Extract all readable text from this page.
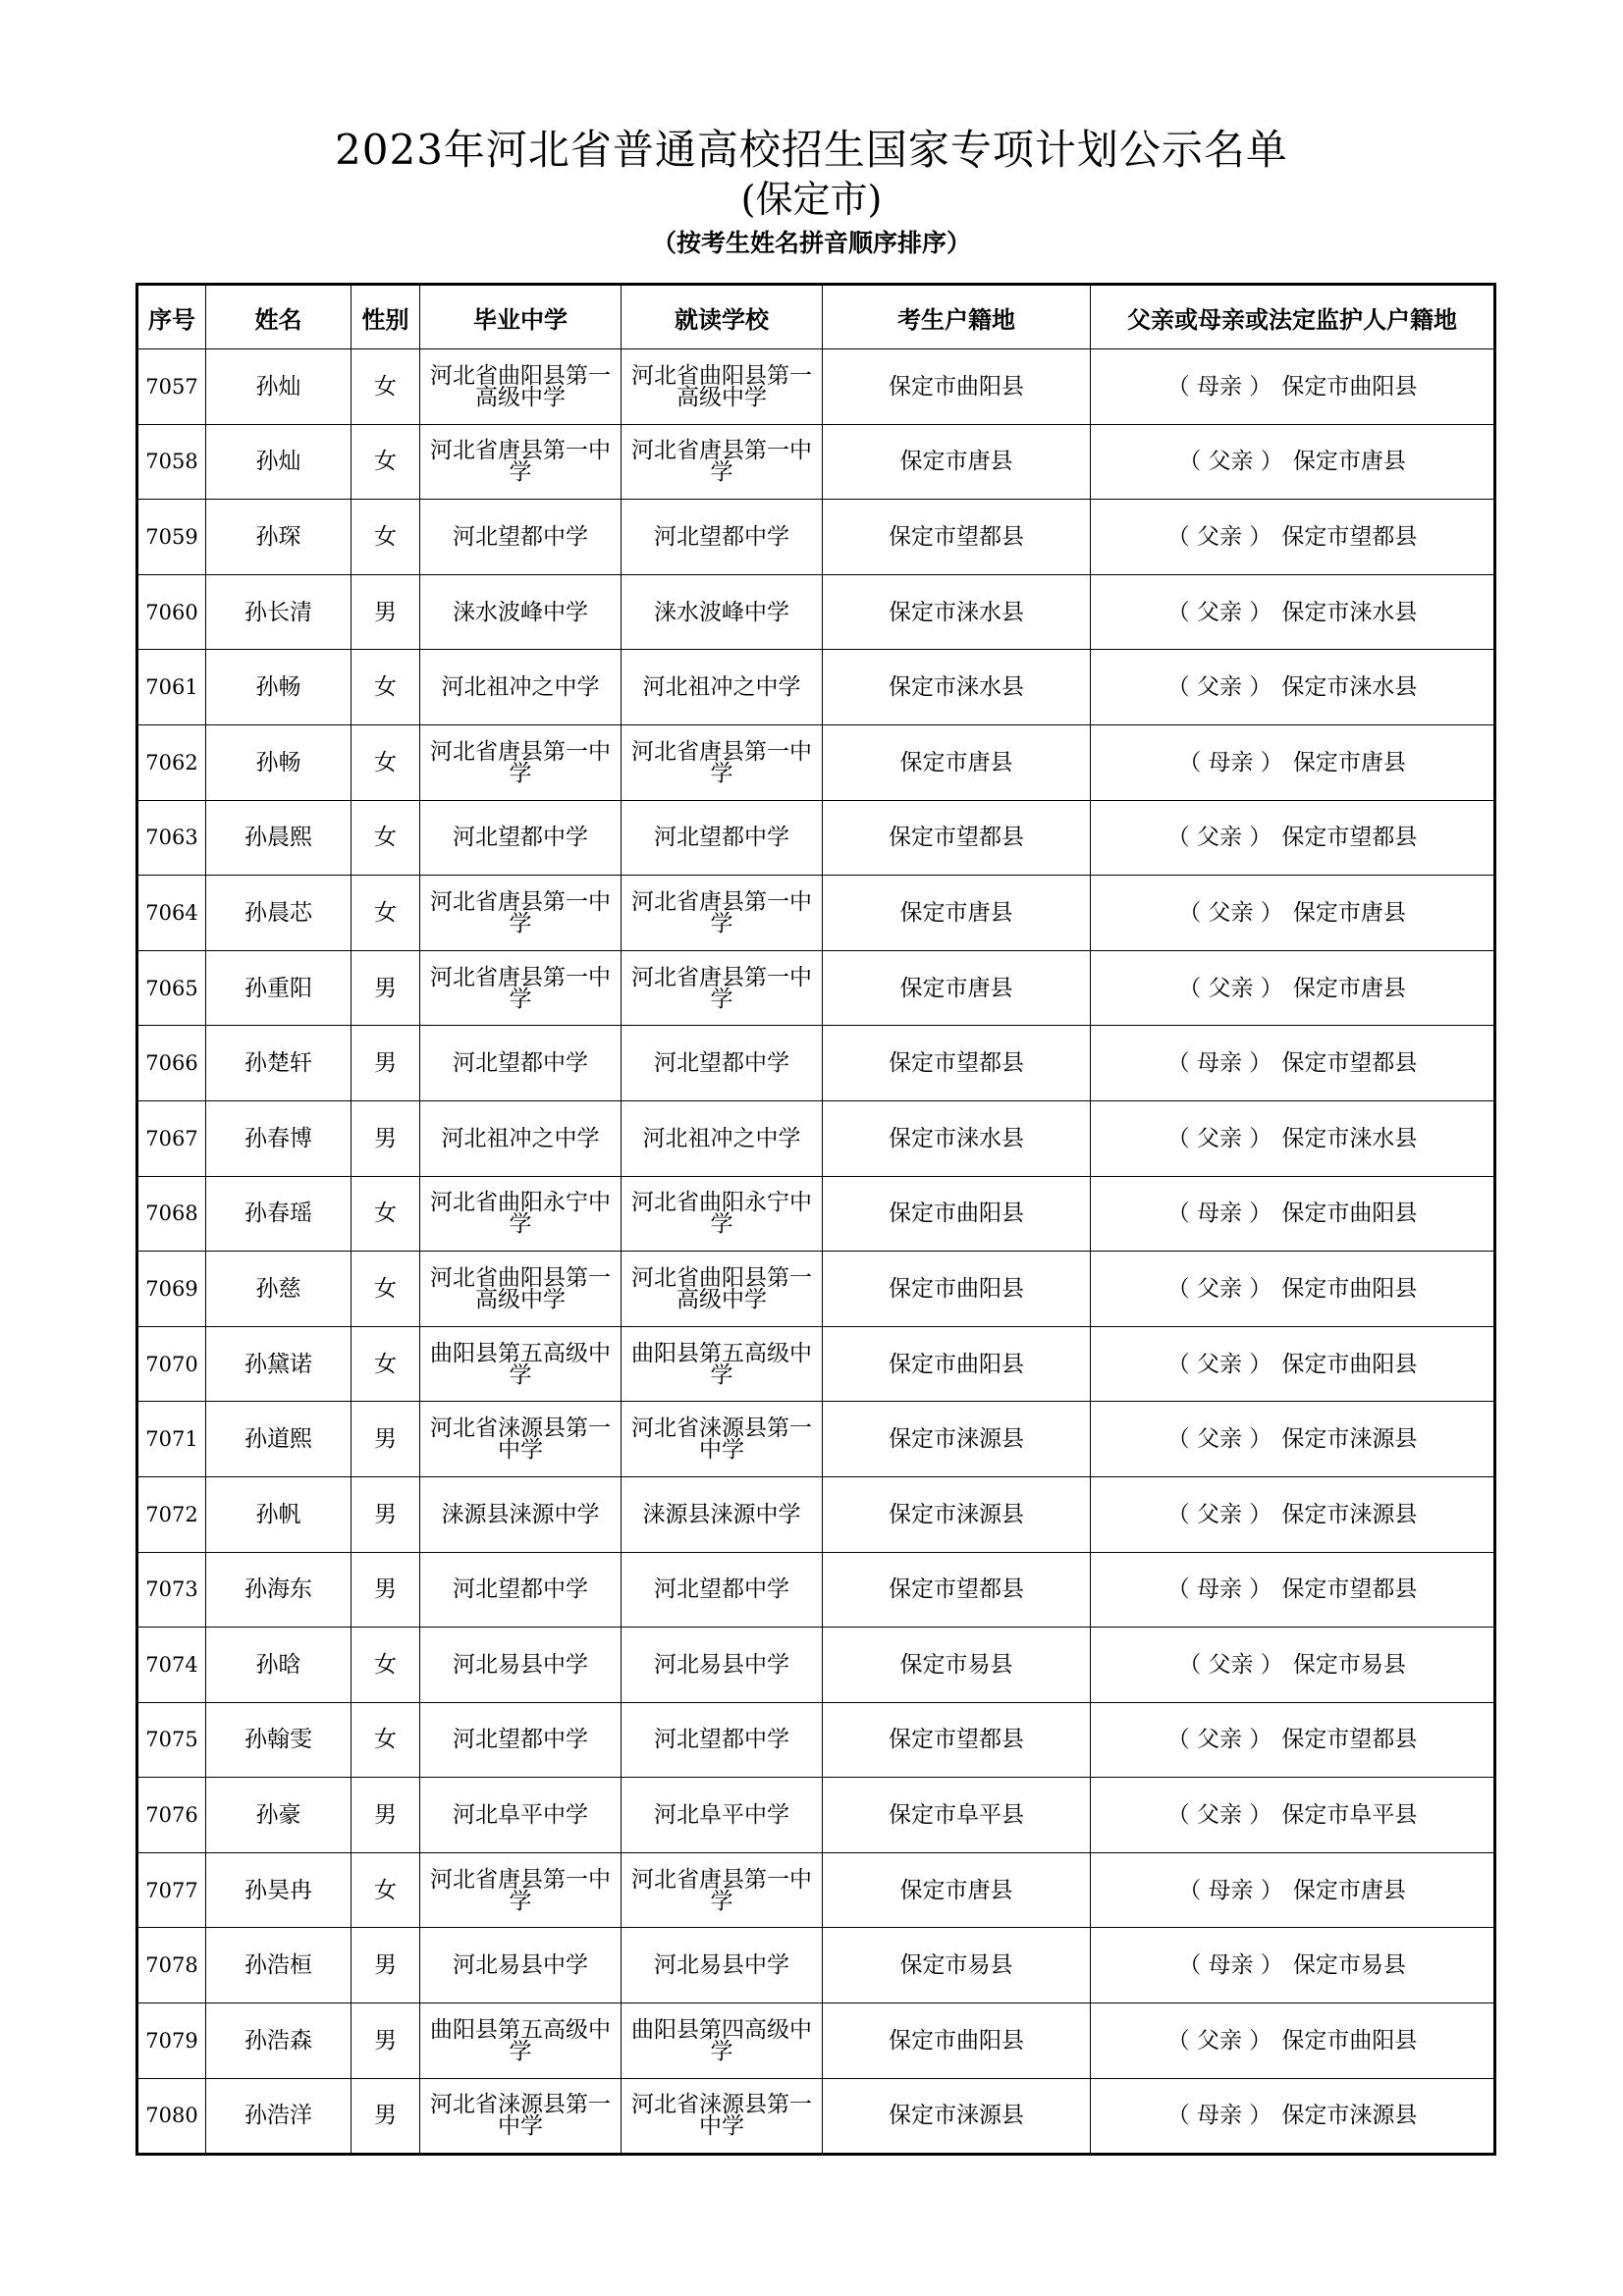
2023年河北省普通高校招生国家专项计划公示名单
(保定市)
（按考生姓名拼音顺序排序）
序号	姓名	性别	毕业中学	就读学校	考生户籍地	父亲或母亲或法定监护人户籍地
7057	孙灿	女	河北省曲阳县第一高级中学	河北省曲阳县第一高级中学	保定市曲阳县	（ 母亲 ） 保定市曲阳县
7058	孙灿	女	河北省唐县第一中学	河北省唐县第一中学	保定市唐县	（ 父亲 ） 保定市唐县
7059	孙琛	女	河北望都中学	河北望都中学	保定市望都县	（ 父亲 ） 保定市望都县
7060	孙长清	男	涞水波峰中学	涞水波峰中学	保定市涞水县	（ 父亲 ） 保定市涞水县
7061	孙畅	女	河北祖冲之中学	河北祖冲之中学	保定市涞水县	（ 父亲 ） 保定市涞水县
7062	孙畅	女	河北省唐县第一中学	河北省唐县第一中学	保定市唐县	（ 母亲 ） 保定市唐县
7063	孙晨熙	女	河北望都中学	河北望都中学	保定市望都县	（ 父亲 ） 保定市望都县
7064	孙晨芯	女	河北省唐县第一中学	河北省唐县第一中学	保定市唐县	（ 父亲 ） 保定市唐县
7065	孙重阳	男	河北省唐县第一中学	河北省唐县第一中学	保定市唐县	（ 父亲 ） 保定市唐县
7066	孙楚轩	男	河北望都中学	河北望都中学	保定市望都县	（ 母亲 ） 保定市望都县
7067	孙春博	男	河北祖冲之中学	河北祖冲之中学	保定市涞水县	（ 父亲 ） 保定市涞水县
7068	孙春瑶	女	河北省曲阳永宁中学	河北省曲阳永宁中学	保定市曲阳县	（ 母亲 ） 保定市曲阳县
7069	孙慈	女	河北省曲阳县第一高级中学	河北省曲阳县第一高级中学	保定市曲阳县	（ 父亲 ） 保定市曲阳县
7070	孙黛诺	女	曲阳县第五高级中学	曲阳县第五高级中学	保定市曲阳县	（ 父亲 ） 保定市曲阳县
7071	孙道熙	男	河北省涞源县第一中学	河北省涞源县第一中学	保定市涞源县	（ 父亲 ） 保定市涞源县
7072	孙帆	男	涞源县涞源中学	涞源县涞源中学	保定市涞源县	（ 父亲 ） 保定市涞源县
7073	孙海东	男	河北望都中学	河北望都中学	保定市望都县	（ 母亲 ） 保定市望都县
7074	孙晗	女	河北易县中学	河北易县中学	保定市易县	（ 父亲 ） 保定市易县
7075	孙翰雯	女	河北望都中学	河北望都中学	保定市望都县	（ 父亲 ） 保定市望都县
7076	孙豪	男	河北阜平中学	河北阜平中学	保定市阜平县	（ 父亲 ） 保定市阜平县
7077	孙昊冉	女	河北省唐县第一中学	河北省唐县第一中学	保定市唐县	（ 母亲 ） 保定市唐县
7078	孙浩桓	男	河北易县中学	河北易县中学	保定市易县	（ 母亲 ） 保定市易县
7079	孙浩森	男	曲阳县第五高级中学	曲阳县第四高级中学	保定市曲阳县	（ 父亲 ） 保定市曲阳县
7080	孙浩洋	男	河北省涞源县第一中学	河北省涞源县第一中学	保定市涞源县	（ 母亲 ） 保定市涞源县
